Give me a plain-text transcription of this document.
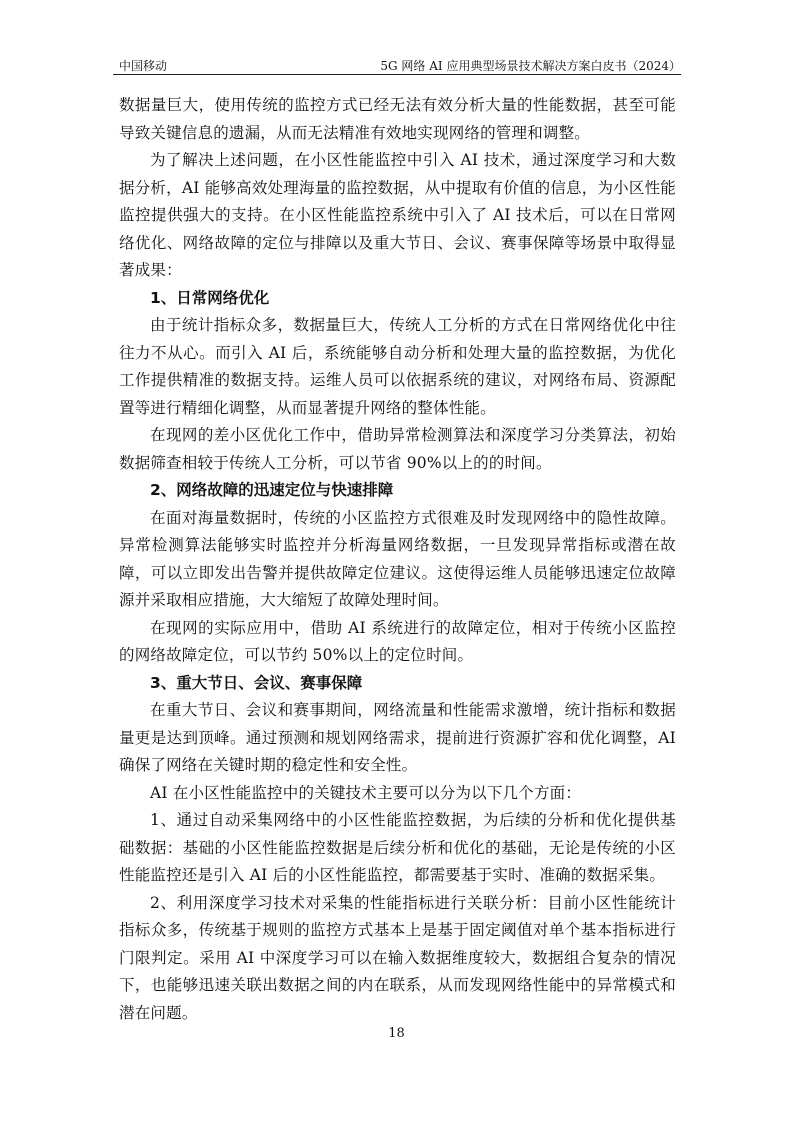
中国移动	5G 网络 AI 应用典型场景技术解决方案白皮书（2024）

数据量巨大，使用传统的监控方式已经无法有效分析大量的性能数据，甚至可能导致关键信息的遗漏，从而无法精准有效地实现网络的管理和调整。

为了解决上述问题，在小区性能监控中引入 AI 技术，通过深度学习和大数据分析，AI 能够高效处理海量的监控数据，从中提取有价值的信息，为小区性能监控提供强大的支持。在小区性能监控系统中引入了 AI 技术后，可以在日常网络优化、网络故障的定位与排障以及重大节日、会议、赛事保障等场景中取得显著成果：

1、日常网络优化

由于统计指标众多，数据量巨大，传统人工分析的方式在日常网络优化中往往力不从心。而引入 AI 后，系统能够自动分析和处理大量的监控数据，为优化工作提供精准的数据支持。运维人员可以依据系统的建议，对网络布局、资源配置等进行精细化调整，从而显著提升网络的整体性能。

在现网的差小区优化工作中，借助异常检测算法和深度学习分类算法，初始数据筛查相较于传统人工分析，可以节省 90%以上的的时间。

2、网络故障的迅速定位与快速排障

在面对海量数据时，传统的小区监控方式很难及时发现网络中的隐性故障。异常检测算法能够实时监控并分析海量网络数据，一旦发现异常指标或潜在故障，可以立即发出告警并提供故障定位建议。这使得运维人员能够迅速定位故障源并采取相应措施，大大缩短了故障处理时间。

在现网的实际应用中，借助 AI 系统进行的故障定位，相对于传统小区监控的网络故障定位，可以节约 50%以上的定位时间。

3、重大节日、会议、赛事保障

在重大节日、会议和赛事期间，网络流量和性能需求激增，统计指标和数据量更是达到顶峰。通过预测和规划网络需求，提前进行资源扩容和优化调整，AI 确保了网络在关键时期的稳定性和安全性。

AI 在小区性能监控中的关键技术主要可以分为以下几个方面：

1、通过自动采集网络中的小区性能监控数据，为后续的分析和优化提供基础数据：基础的小区性能监控数据是后续分析和优化的基础，无论是传统的小区性能监控还是引入 AI 后的小区性能监控，都需要基于实时、准确的数据采集。

2、利用深度学习技术对采集的性能指标进行关联分析：目前小区性能统计指标众多，传统基于规则的监控方式基本上是基于固定阈值对单个基本指标进行门限判定。采用 AI 中深度学习可以在输入数据维度较大，数据组合复杂的情况下，也能够迅速关联出数据之间的内在联系，从而发现网络性能中的异常模式和潜在问题。

18
